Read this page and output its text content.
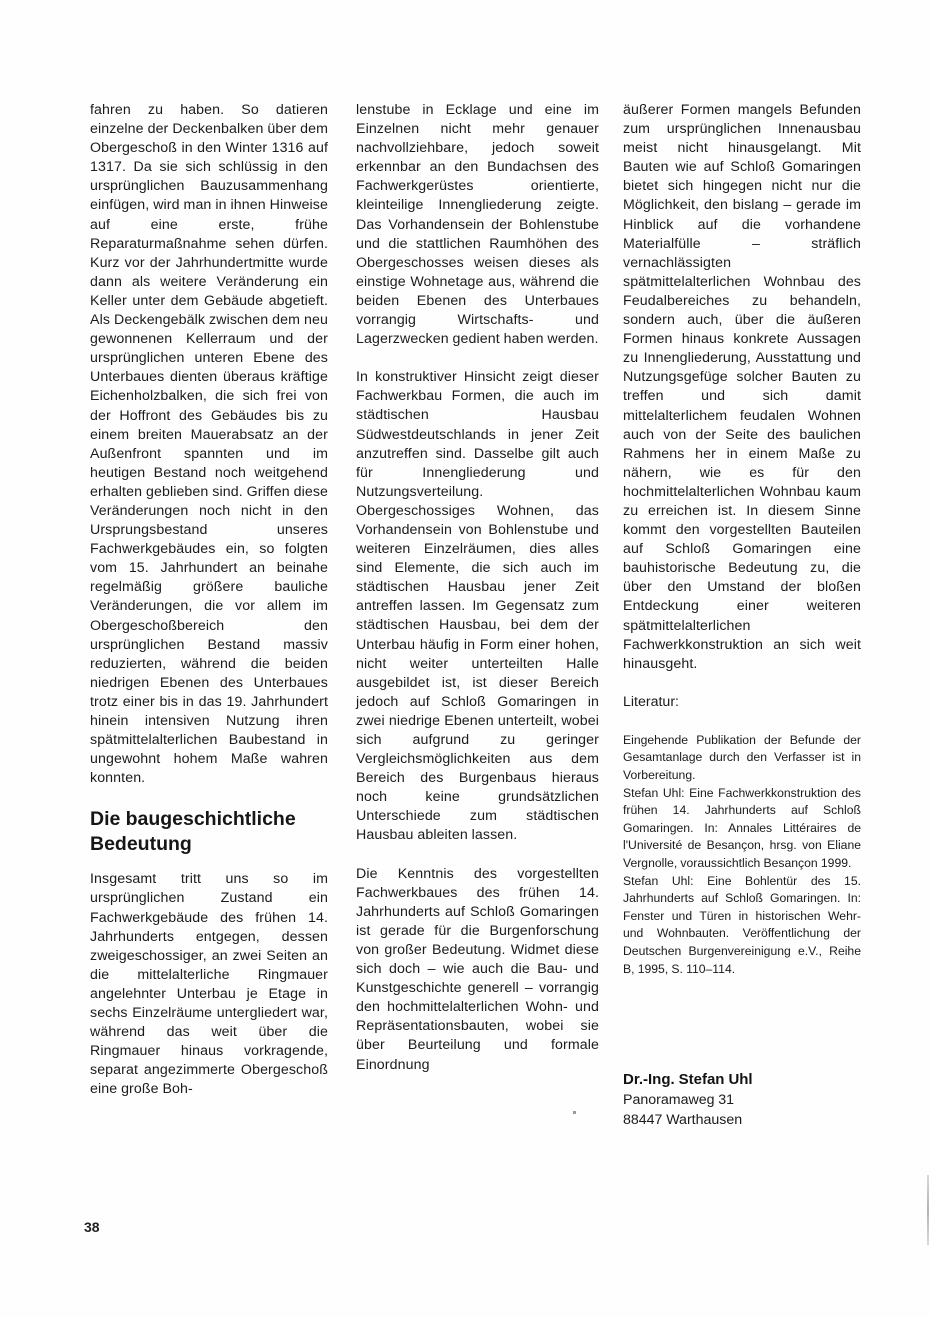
fahren zu haben. So datieren einzelne der Deckenbalken über dem Obergeschoß in den Winter 1316 auf 1317. Da sie sich schlüssig in den ursprünglichen Bauzusammenhang einfügen, wird man in ihnen Hinweise auf eine erste, frühe Reparaturmaßnahme sehen dürfen. Kurz vor der Jahrhundertmitte wurde dann als weitere Veränderung ein Keller unter dem Gebäude abgetieft. Als Deckengebälk zwischen dem neu gewonnenen Kellerraum und der ursprünglichen unteren Ebene des Unterbaues dienten überaus kräftige Eichenholzbalken, die sich frei von der Hoffront des Gebäudes bis zu einem breiten Mauerabsatz an der Außenfront spannten und im heutigen Bestand noch weitgehend erhalten geblieben sind. Griffen diese Veränderungen noch nicht in den Ursprungsbestand unseres Fachwerkgebäudes ein, so folgten vom 15. Jahrhundert an beinahe regelmäßig größere bauliche Veränderungen, die vor allem im Obergeschoßbereich den ursprünglichen Bestand massiv reduzierten, während die beiden niedrigen Ebenen des Unterbaues trotz einer bis in das 19. Jahrhundert hinein intensiven Nutzung ihren spätmittelalterlichen Baubestand in ungewohnt hohem Maße wahren konnten.

Die baugeschichtliche Bedeutung

Insgesamt tritt uns so im ursprünglichen Zustand ein Fachwerkgebäude des frühen 14. Jahrhunderts entgegen, dessen zweigeschossiger, an zwei Seiten an die mittelalterliche Ringmauer angelehnter Unterbau je Etage in sechs Einzelräume untergliedert war, während das weit über die Ringmauer hinaus vorkragende, separat angezimmerte Obergeschoß eine große Boh-

lenstube in Ecklage und eine im Einzelnen nicht mehr genauer nachvollziehbare, jedoch soweit erkennbar an den Bundachsen des Fachwerkgerüstes orientierte, kleinteilige Innengliederung zeigte. Das Vorhandensein der Bohlenstube und die stattlichen Raumhöhen des Obergeschosses weisen dieses als einstige Wohnetage aus, während die beiden Ebenen des Unterbaues vorrangig Wirtschafts- und Lagerzwecken gedient haben werden.

In konstruktiver Hinsicht zeigt dieser Fachwerkbau Formen, die auch im städtischen Hausbau Südwestdeutschlands in jener Zeit anzutreffen sind. Dasselbe gilt auch für Innengliederung und Nutzungsverteilung. Obergeschossiges Wohnen, das Vorhandensein von Bohlenstube und weiteren Einzelräumen, dies alles sind Elemente, die sich auch im städtischen Hausbau jener Zeit antreffen lassen. Im Gegensatz zum städtischen Hausbau, bei dem der Unterbau häufig in Form einer hohen, nicht weiter unterteilten Halle ausgebildet ist, ist dieser Bereich jedoch auf Schloß Gomaringen in zwei niedrige Ebenen unterteilt, wobei sich aufgrund zu geringer Vergleichsmöglichkeiten aus dem Bereich des Burgenbaus hieraus noch keine grundsätzlichen Unterschiede zum städtischen Hausbau ableiten lassen.

Die Kenntnis des vorgestellten Fachwerkbaues des frühen 14. Jahrhunderts auf Schloß Gomaringen ist gerade für die Burgenforschung von großer Bedeutung. Widmet diese sich doch – wie auch die Bau- und Kunstgeschichte generell – vorrangig den hochmittelalterlichen Wohn- und Repräsentationsbauten, wobei sie über Beurteilung und formale Einordnung

äußerer Formen mangels Befunden zum ursprünglichen Innenausbau meist nicht hinausgelangt. Mit Bauten wie auf Schloß Gomaringen bietet sich hingegen nicht nur die Möglichkeit, den bislang – gerade im Hinblick auf die vorhandene Materialfülle – sträflich vernachlässigten spätmittelalterlichen Wohnbau des Feudalbereiches zu behandeln, sondern auch, über die äußeren Formen hinaus konkrete Aussagen zu Innengliederung, Ausstattung und Nutzungsgefüge solcher Bauten zu treffen und sich damit mittelalterlichem feudalen Wohnen auch von der Seite des baulichen Rahmens her in einem Maße zu nähern, wie es für den hochmittelalterlichen Wohnbau kaum zu erreichen ist. In diesem Sinne kommt den vorgestellten Bauteilen auf Schloß Gomaringen eine bauhistorische Bedeutung zu, die über den Umstand der bloßen Entdeckung einer weiteren spätmittelalterlichen Fachwerkkonstruktion an sich weit hinausgeht.

Literatur:

Eingehende Publikation der Befunde der Gesamtanlage durch den Verfasser ist in Vorbereitung.

Stefan Uhl: Eine Fachwerkkonstruktion des frühen 14. Jahrhunderts auf Schloß Gomaringen. In: Annales Littéraires de l'Université de Besançon, hrsg. von Eliane Vergnolle, voraussichtlich Besançon 1999.

Stefan Uhl: Eine Bohlentür des 15. Jahrhunderts auf Schloß Gomaringen. In: Fenster und Türen in historischen Wehr- und Wohnbauten. Veröffentlichung der Deutschen Burgenvereinigung e.V., Reihe B, 1995, S. 110–114.

Dr.-Ing. Stefan Uhl
Panoramaweg 31
88447 Warthausen
38
